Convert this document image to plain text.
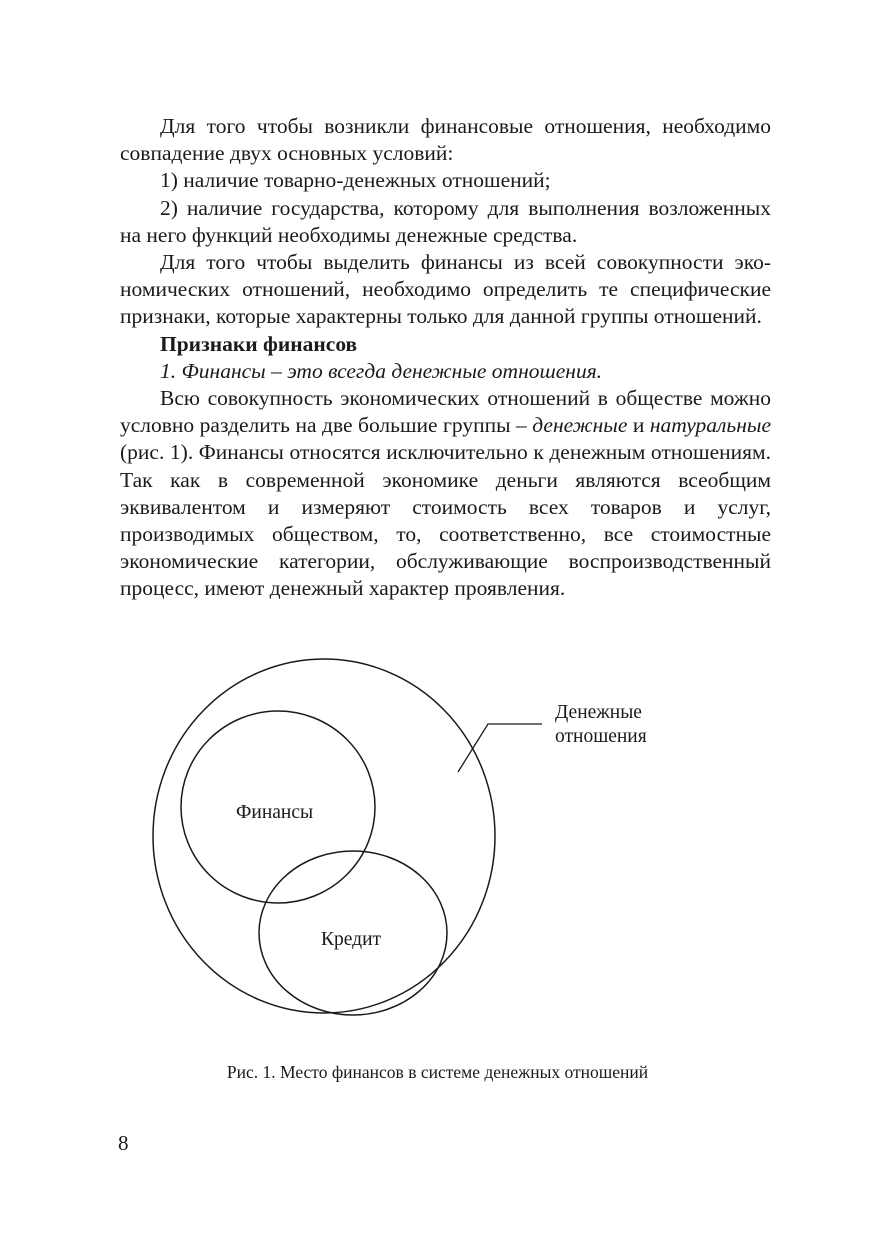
Для того чтобы возникли финансовые отношения, необходимо совпадение двух основных условий:

1) наличие товарно-денежных отношений;

2) наличие государства, которому для выполнения возложенных на него функций необходимы денежные средства.

Для того чтобы выделить финансы из всей совокупности экономических отношений, необходимо определить те специфические признаки, которые характерны только для данной группы отношений.

Признаки финансов

1. Финансы – это всегда денежные отношения.

Всю совокупность экономических отношений в обществе можно условно разделить на две большие группы – денежные и натуральные (рис. 1). Финансы относятся исключительно к денежным отношениям. Так как в современной экономике деньги являются всеобщим эквивалентом и измеряют стоимость всех товаров и услуг, производимых обществом, то, соответственно, все стоимостные экономические категории, обслуживающие воспроизводственный процесс, имеют денежный характер проявления.

Денежные
отношения
Финансы
Кредит
Рис. 1. Место финансов в системе денежных отношений
8
